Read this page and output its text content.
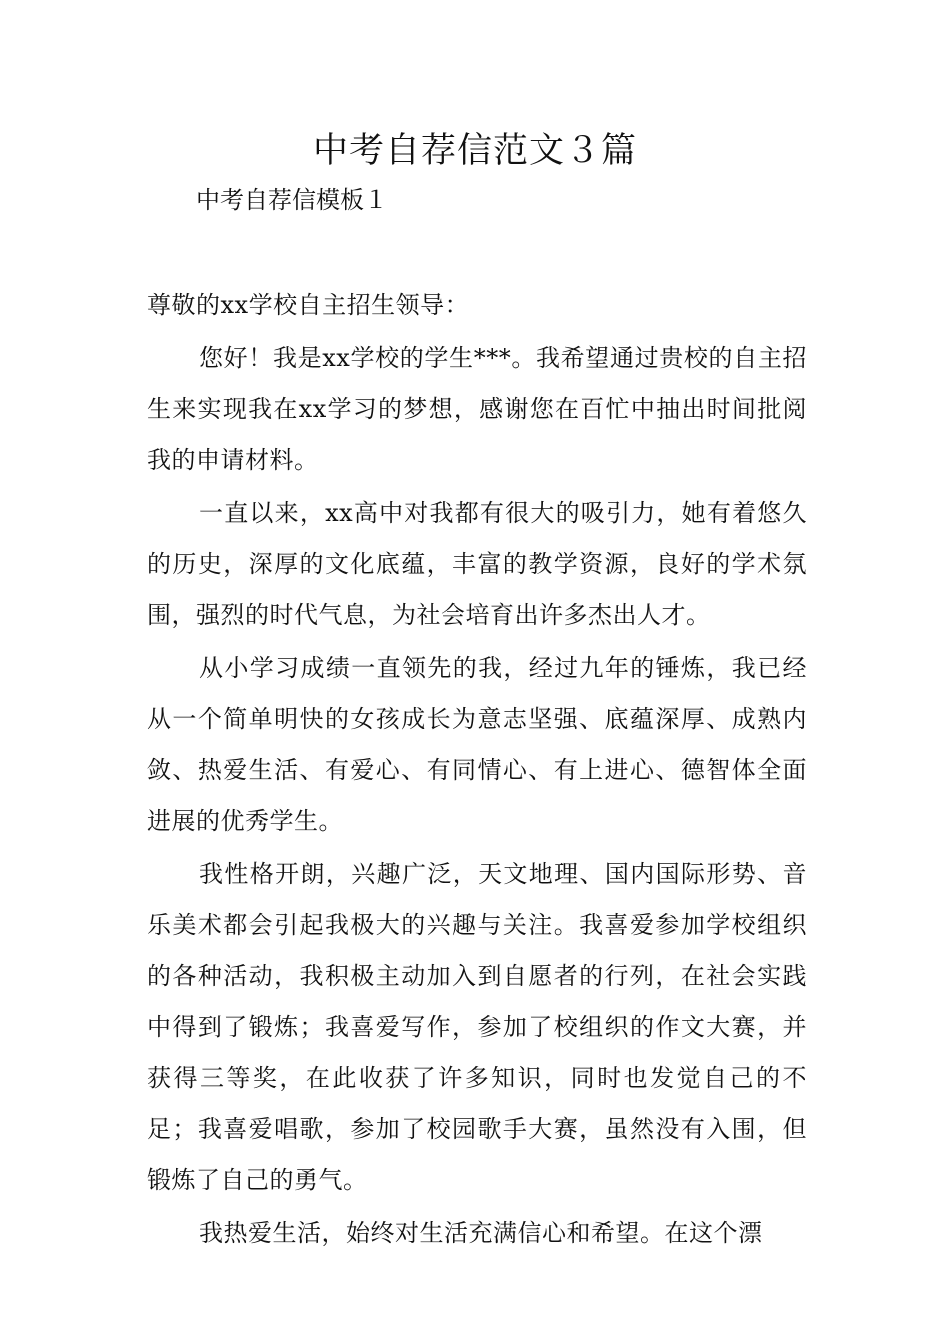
中考自荐信范文３篇
中考自荐信模板１

尊敬的xx学校自主招生领导：

您好！我是xx学校的学生***。我希望通过贵校的自主招生来实现我在xx学习的梦想，感谢您在百忙中抽出时间批阅我的申请材料。

一直以来，xx高中对我都有很大的吸引力，她有着悠久的历史，深厚的文化底蕴，丰富的教学资源，良好的学术氛围，强烈的时代气息，为社会培育出许多杰出人才。

从小学习成绩一直领先的我，经过九年的锤炼，我已经从一个简单明快的女孩成长为意志坚强、底蕴深厚、成熟内敛、热爱生活、有爱心、有同情心、有上进心、德智体全面进展的优秀学生。

我性格开朗，兴趣广泛，天文地理、国内国际形势、音乐美术都会引起我极大的兴趣与关注。我喜爱参加学校组织的各种活动，我积极主动加入到自愿者的行列，在社会实践中得到了锻炼；我喜爱写作，参加了校组织的作文大赛，并获得三等奖，在此收获了许多知识，同时也发觉自己的不足；我喜爱唱歌，参加了校园歌手大赛，虽然没有入围，但锻炼了自己的勇气。

我热爱生活，始终对生活充满信心和希望。在这个漂
